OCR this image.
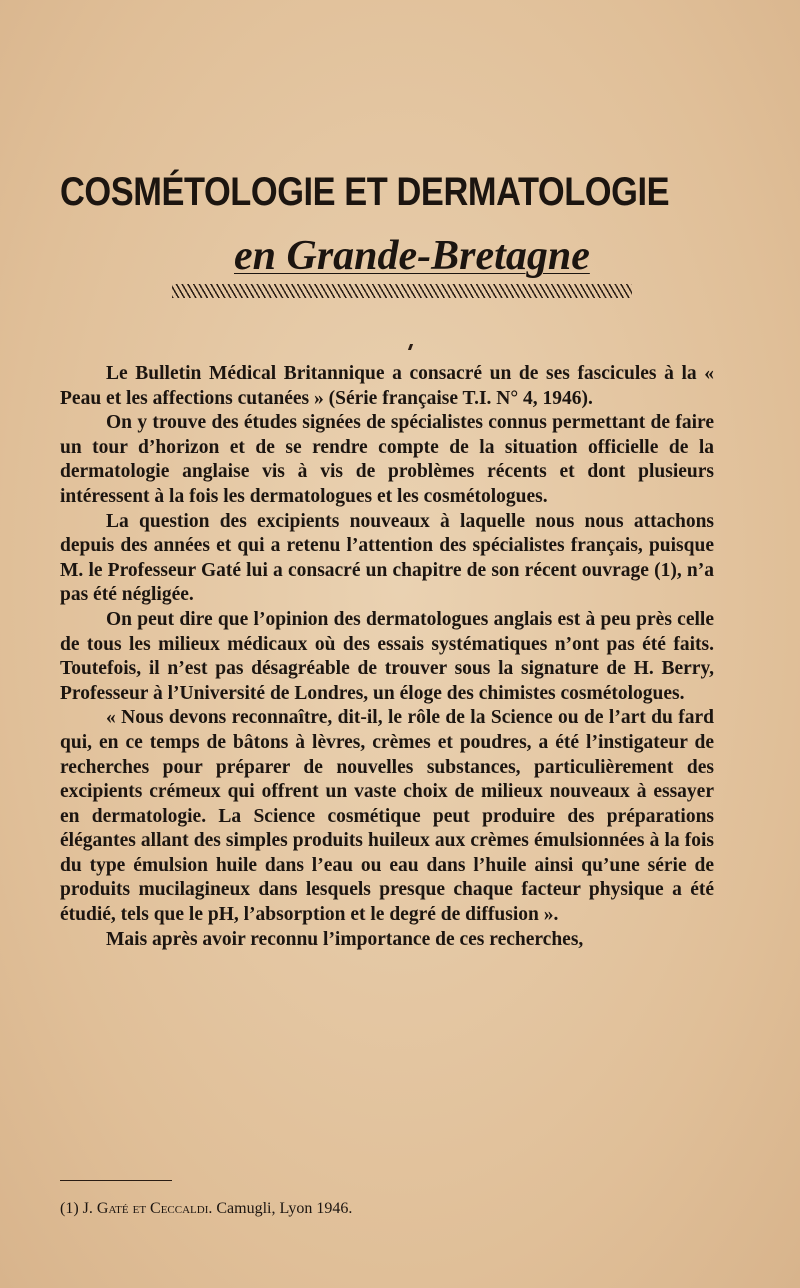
COSMÉTOLOGIE ET DERMATOLOGIE
en Grande-Bretagne

Le Bulletin Médical Britannique a consacré un de ses fascicules à la « Peau et les affections cutanées » (Série française T.I. N° 4, 1946).

On y trouve des études signées de spécialistes connus permettant de faire un tour d’horizon et de se rendre compte de la situation officielle de la dermatologie anglaise vis à vis de problèmes récents et dont plusieurs intéressent à la fois les dermatologues et les cosmétologues.

La question des excipients nouveaux à laquelle nous nous attachons depuis des années et qui a retenu l’attention des spécialistes français, puisque M. le Professeur Gaté lui a consacré un chapitre de son récent ouvrage (1), n’a pas été négligée.

On peut dire que l’opinion des dermatologues anglais est à peu près celle de tous les milieux médicaux où des essais systématiques n’ont pas été faits. Toutefois, il n’est pas désagréable de trouver sous la signature de H. Berry, Professeur à l’Université de Londres, un éloge des chimistes cosmétologues.

« Nous devons reconnaître, dit-il, le rôle de la Science ou de l’art du fard qui, en ce temps de bâtons à lèvres, crèmes et poudres, a été l’instigateur de recherches pour préparer de nouvelles substances, particulièrement des excipients crémeux qui offrent un vaste choix de milieux nouveaux à essayer en dermatologie. La Science cosmétique peut produire des préparations élégantes allant des simples produits huileux aux crèmes émulsionnées à la fois du type émulsion huile dans l’eau ou eau dans l’huile ainsi qu’une série de produits mucilagineux dans lesquels presque chaque facteur physique a été étudié, tels que le pH, l’absorption et le degré de diffusion ».

Mais après avoir reconnu l’importance de ces recherches,

(1) J. Gaté et Ceccaldi. Camugli, Lyon 1946.
